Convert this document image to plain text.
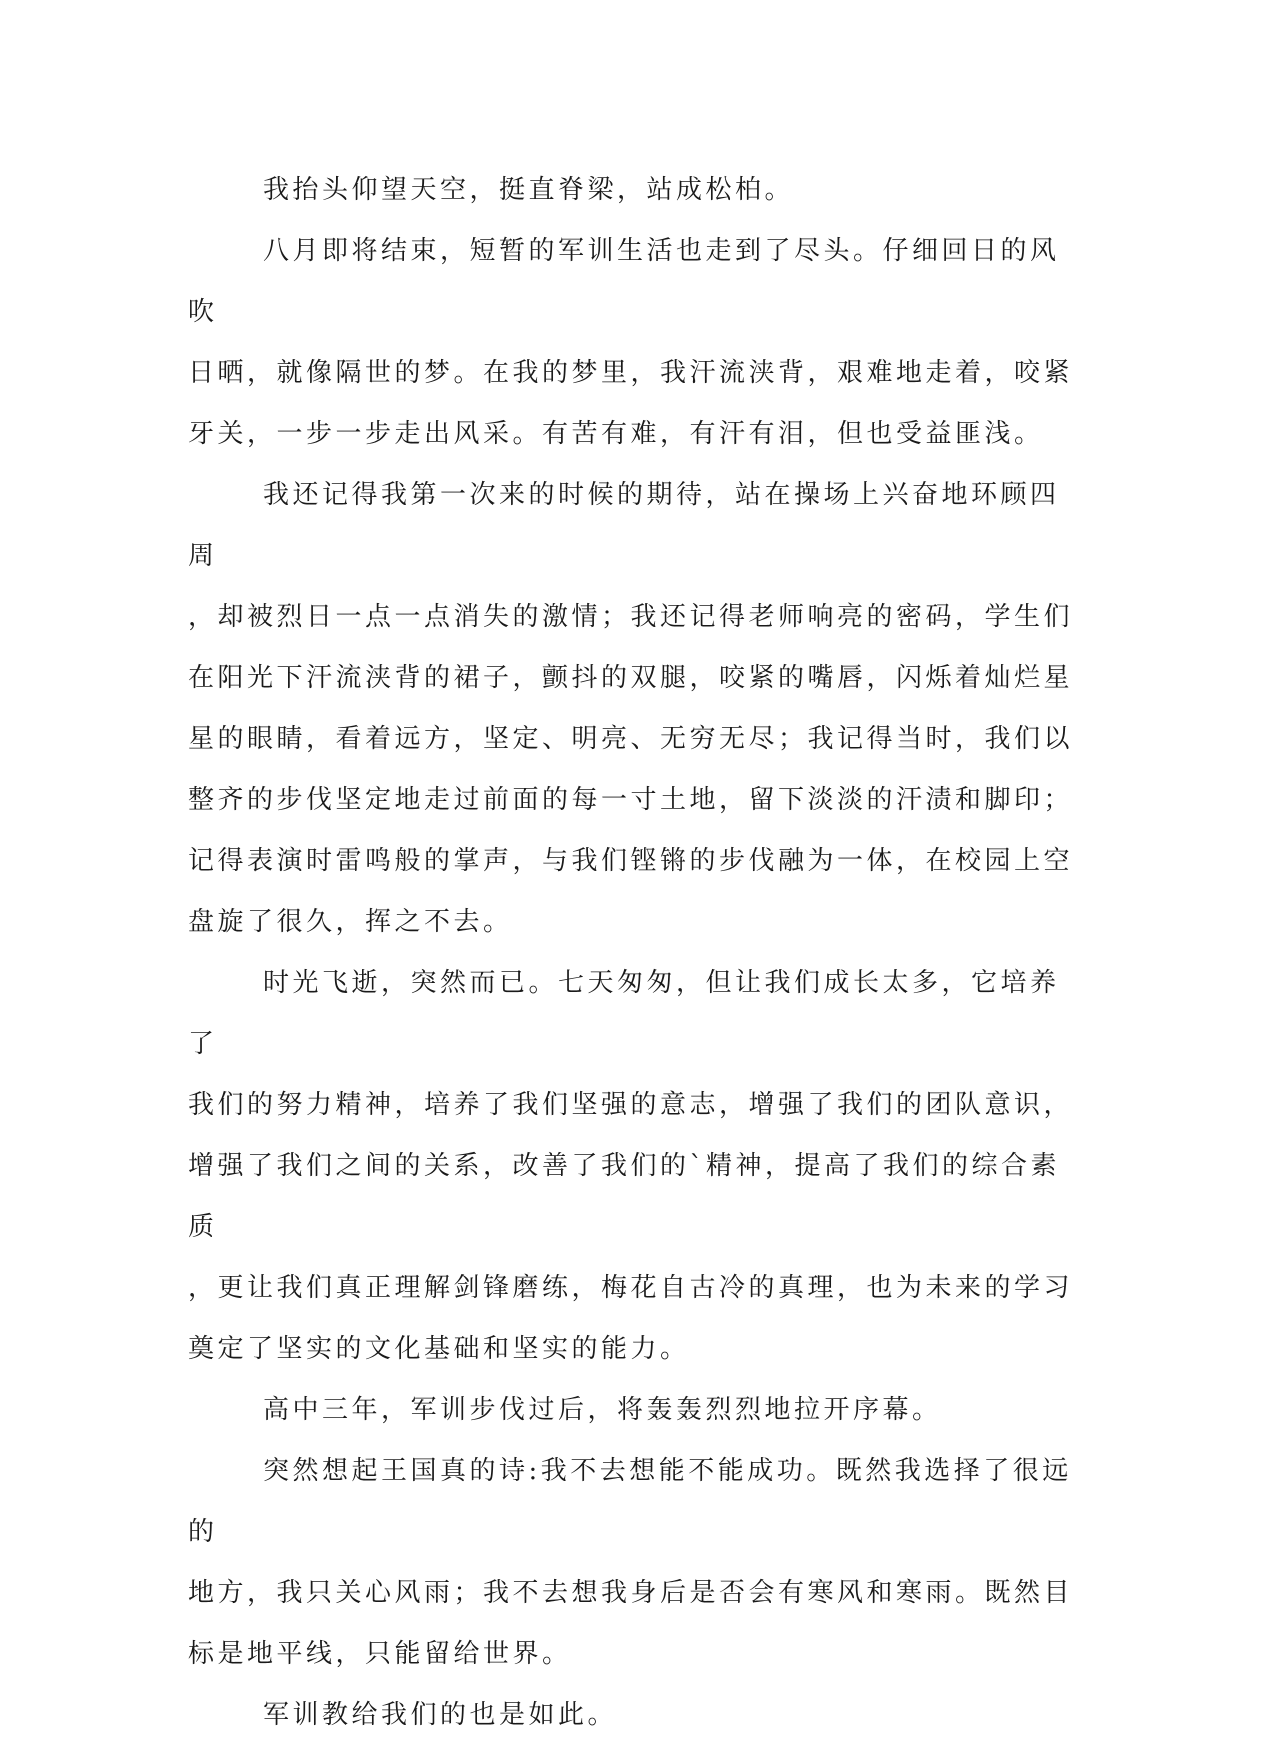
我抬头仰望天空，挺直脊梁，站成松柏。

八月即将结束，短暂的军训生活也走到了尽头。仔细回日的风吹
日晒，就像隔世的梦。在我的梦里，我汗流浃背，艰难地走着，咬紧
牙关，一步一步走出风采。有苦有难，有汗有泪，但也受益匪浅。

我还记得我第一次来的时候的期待，站在操场上兴奋地环顾四周
，却被烈日一点一点消失的激情；我还记得老师响亮的密码，学生们
在阳光下汗流浃背的裙子，颤抖的双腿，咬紧的嘴唇，闪烁着灿烂星
星的眼睛，看着远方，坚定、明亮、无穷无尽；我记得当时，我们以
整齐的步伐坚定地走过前面的每一寸土地，留下淡淡的汗渍和脚印；
记得表演时雷鸣般的掌声，与我们铿锵的步伐融为一体，在校园上空
盘旋了很久，挥之不去。

时光飞逝，突然而已。七天匆匆，但让我们成长太多，它培养了
我们的努力精神，培养了我们坚强的意志，增强了我们的团队意识，
增强了我们之间的关系，改善了我们的`精神，提高了我们的综合素质
，更让我们真正理解剑锋磨练，梅花自古冷的真理，也为未来的学习
奠定了坚实的文化基础和坚实的能力。

高中三年，军训步伐过后，将轰轰烈烈地拉开序幕。

突然想起王国真的诗:我不去想能不能成功。既然我选择了很远的
地方，我只关心风雨；我不去想我身后是否会有寒风和寒雨。既然目
标是地平线，只能留给世界。

军训教给我们的也是如此。
